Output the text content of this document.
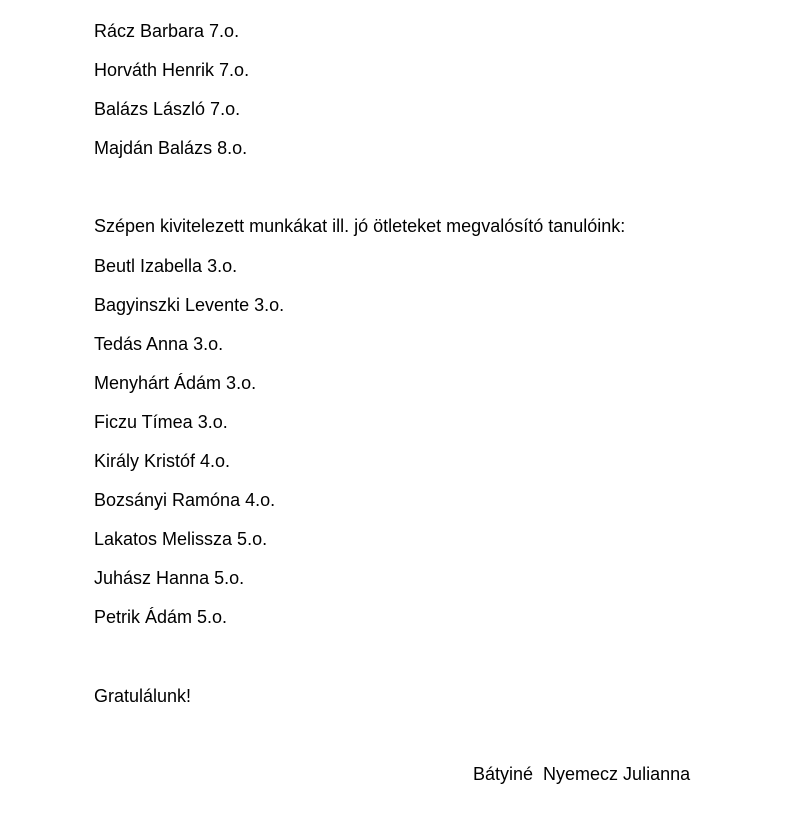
Rácz Barbara 7.o.
Horváth Henrik 7.o.
Balázs László 7.o.
Majdán Balázs 8.o.
Szépen kivitelezett munkákat ill. jó ötleteket megvalósító tanulóink:
Beutl Izabella 3.o.
Bagyinszki Levente 3.o.
Tedás Anna 3.o.
Menyhárt Ádám 3.o.
Ficzu Tímea 3.o.
Király Kristóf 4.o.
Bozsányi Ramóna 4.o.
Lakatos Melissza 5.o.
Juhász Hanna 5.o.
Petrik Ádám 5.o.
Gratulálunk!
Bátyiné  Nyemecz Julianna
